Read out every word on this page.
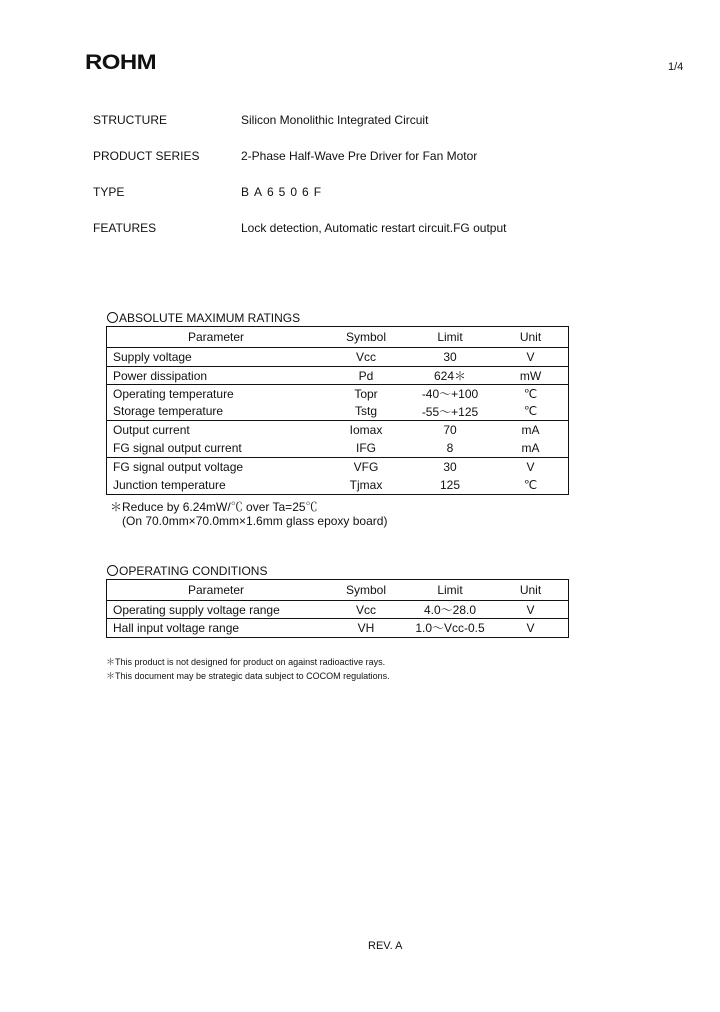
ROHM	1/4
STRUCTURE	Silicon Monolithic Integrated Circuit
PRODUCT SERIES	2-Phase Half-Wave Pre Driver for Fan Motor
TYPE	BA6506F
FEATURES	Lock detection, Automatic restart circuit.FG output
ABSOLUTE MAXIMUM RATINGS
Parameter	Symbol	Limit	Unit
Supply voltage	Vcc	30	V
Power dissipation	Pd	624＊	mW
Operating temperature	Topr	-40～+100	℃
Storage temperature	Tstg	-55～+125	℃
Output current	Iomax	70	mA
FG signal output current	IFG	8	mA
FG signal output voltage	VFG	30	V
Junction temperature	Tjmax	125	℃
＊Reduce by 6.24mW/℃ over Ta=25℃
(On 70.0mm×70.0mm×1.6mm glass epoxy board)
OPERATING CONDITIONS
Parameter	Symbol	Limit	Unit
Operating supply voltage range	Vcc	4.0～28.0	V
Hall input voltage range	VH	1.0～Vcc-0.5	V
＊This product is not designed for product on against radioactive rays.
＊This document may be strategic data subject to COCOM regulations.
REV. A
